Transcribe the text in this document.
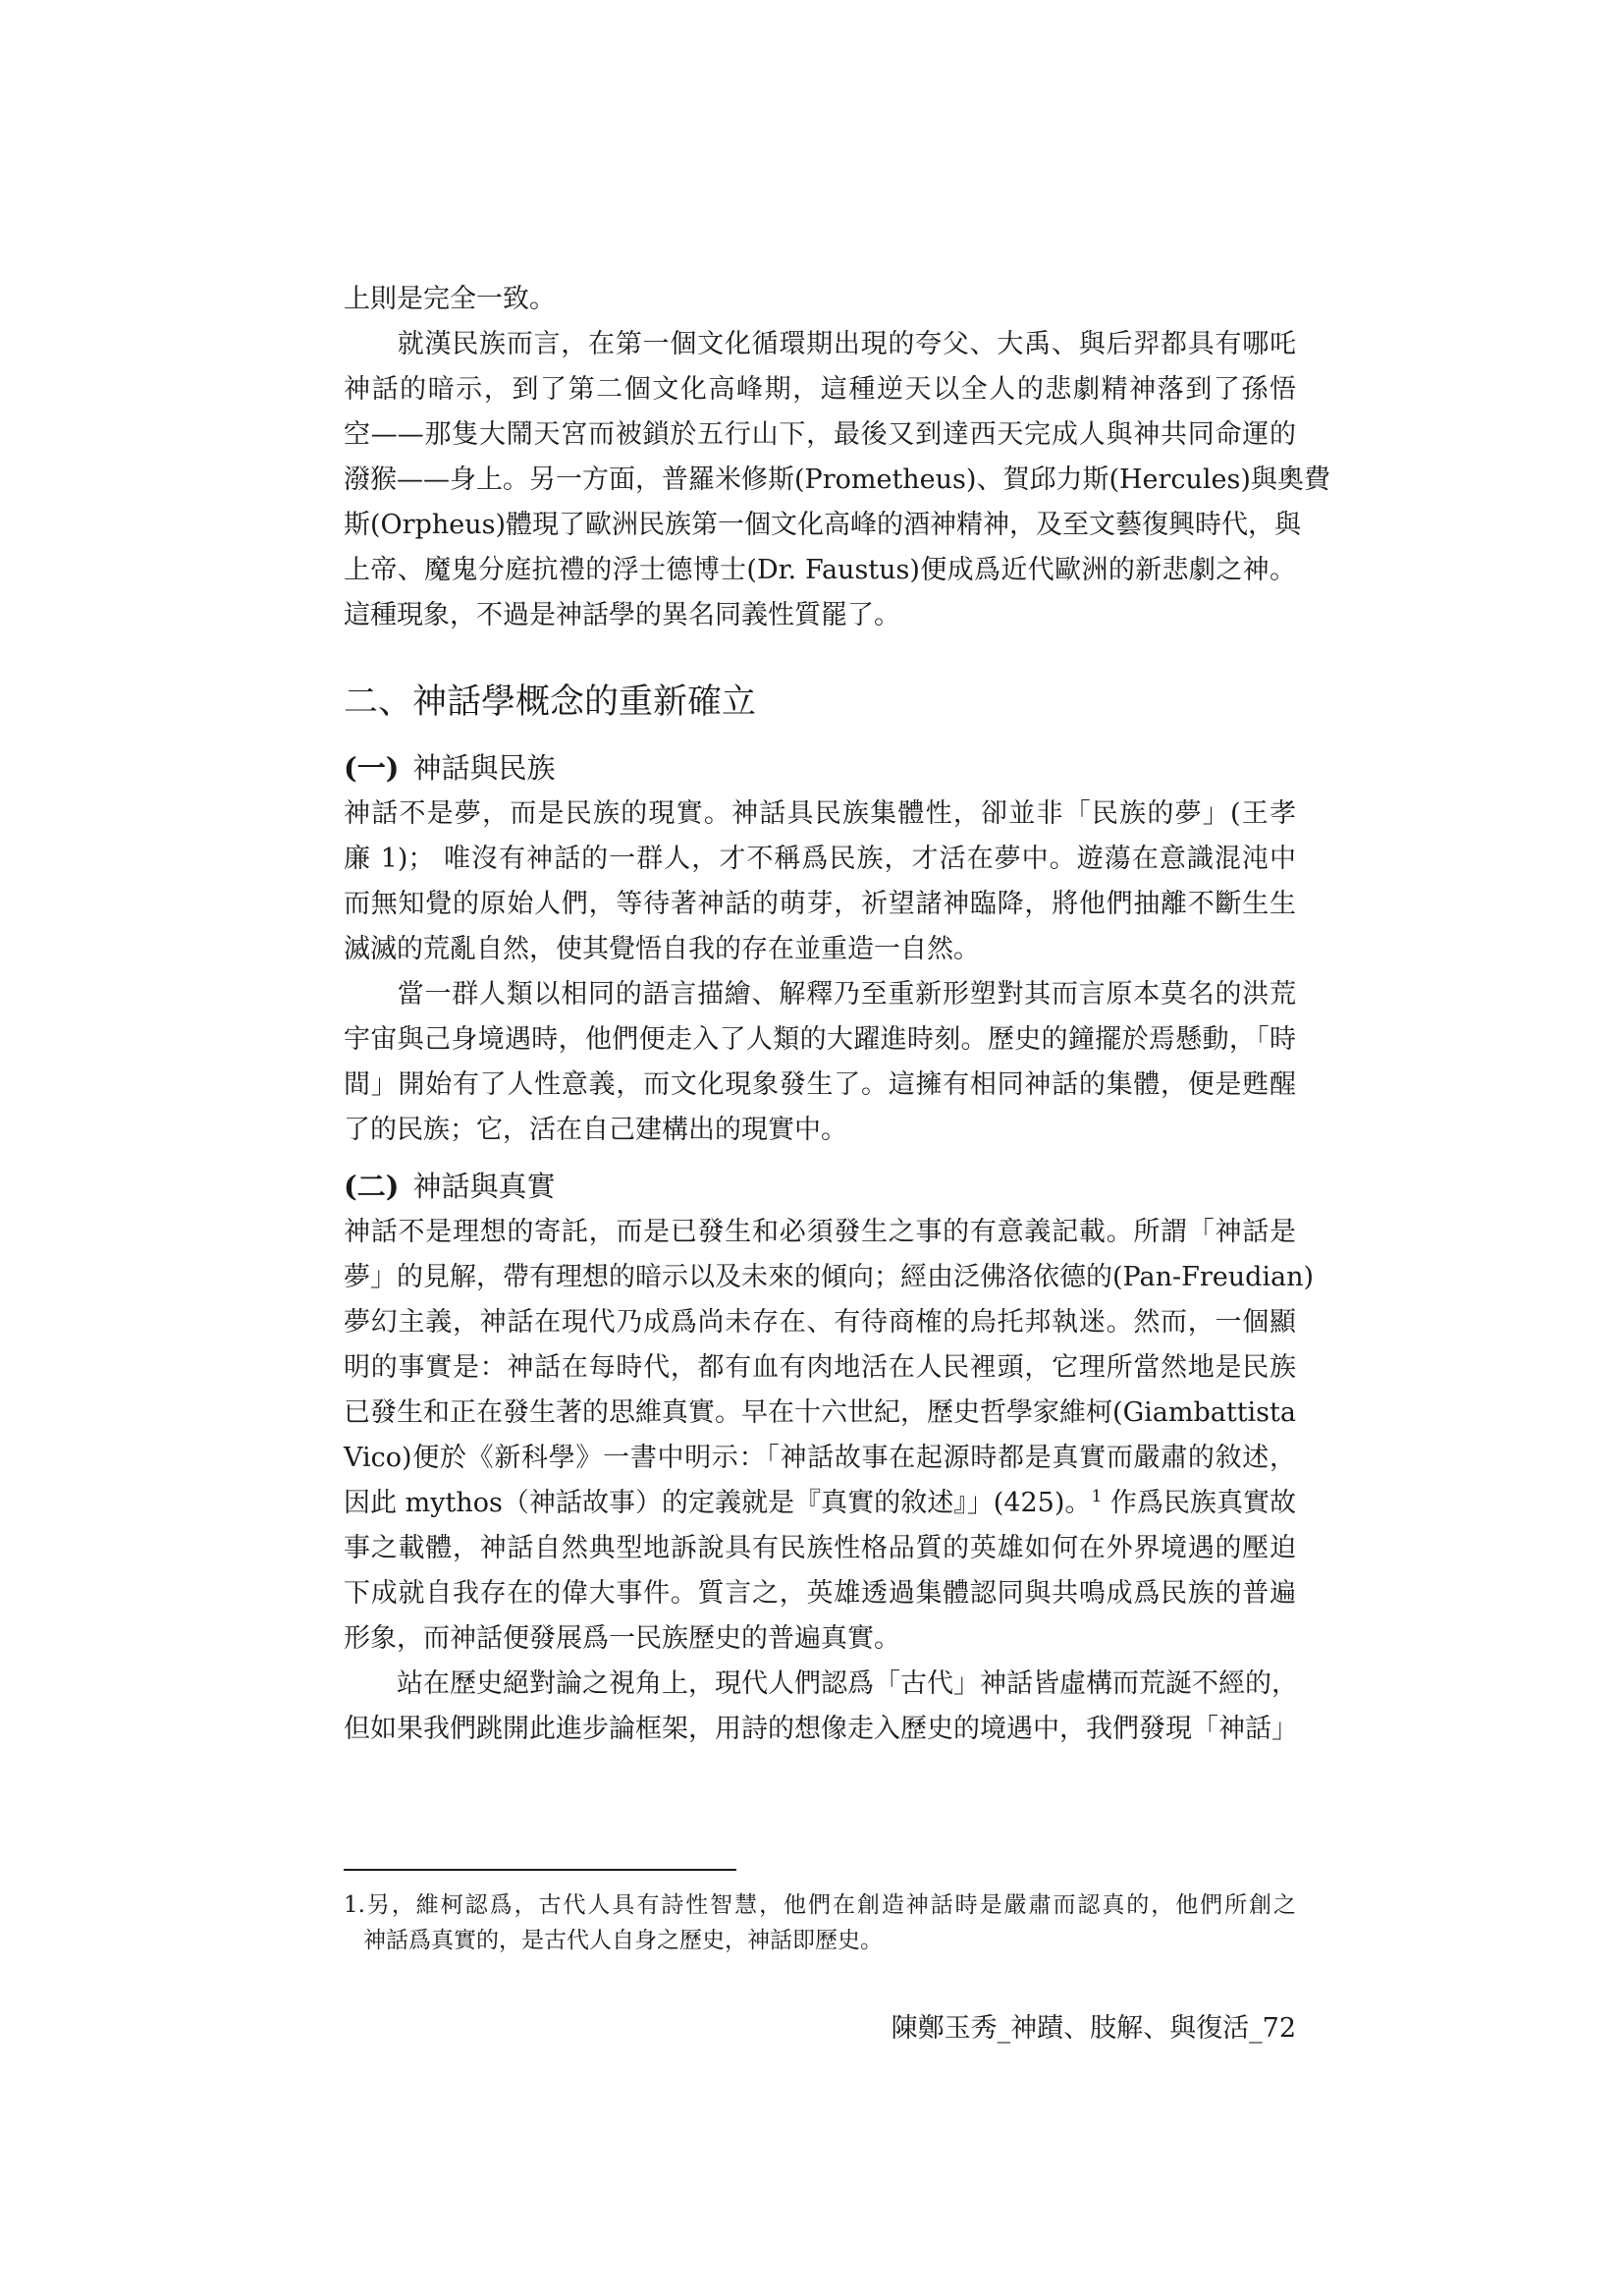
上則是完全一致。

就漢民族而言，在第一個文化循環期出現的夸父、大禹、與后羿都具有哪吒
神話的暗示，到了第二個文化高峰期，這種逆天以全人的悲劇精神落到了孫悟
空——那隻大鬧天宮而被鎖於五行山下，最後又到達西天完成人與神共同命運的
潑猴——身上。另一方面，普羅米修斯(Prometheus)、賀邱力斯(Hercules)與奧費
斯(Orpheus)體現了歐洲民族第一個文化高峰的酒神精神，及至文藝復興時代，與
上帝、魔鬼分庭抗禮的浮士德博士(Dr. Faustus)便成爲近代歐洲的新悲劇之神。
這種現象，不過是神話學的異名同義性質罷了。

二、神話學概念的重新確立
(一) 神話與民族

神話不是夢，而是民族的現實。神話具民族集體性，卻並非「民族的夢」(王孝
廉 1)； 唯沒有神話的一群人，才不稱爲民族，才活在夢中。遊蕩在意識混沌中
而無知覺的原始人們，等待著神話的萌芽，祈望諸神臨降，將他們抽離不斷生生
滅滅的荒亂自然，使其覺悟自我的存在並重造一自然。

當一群人類以相同的語言描繪、解釋乃至重新形塑對其而言原本莫名的洪荒
宇宙與己身境遇時，他們便走入了人類的大躍進時刻。歷史的鐘擺於焉懸動，「時
間」開始有了人性意義，而文化現象發生了。這擁有相同神話的集體，便是甦醒
了的民族；它，活在自己建構出的現實中。

(二) 神話與真實

神話不是理想的寄託，而是已發生和必須發生之事的有意義記載。所謂「神話是
夢」的見解，帶有理想的暗示以及未來的傾向；經由泛佛洛依德的(Pan-Freudian)
夢幻主義，神話在現代乃成爲尚未存在、有待商榷的烏托邦執迷。然而，一個顯
明的事實是：神話在每時代，都有血有肉地活在人民裡頭，它理所當然地是民族
已發生和正在發生著的思維真實。早在十六世紀，歷史哲學家維柯(Giambattista
Vico)便於《新科學》一書中明示：「神話故事在起源時都是真實而嚴肅的敘述，
因此 mythos（神話故事）的定義就是『真實的敘述』」(425)。$^1$ 作爲民族真實故
事之載體，神話自然典型地訴說具有民族性格品質的英雄如何在外界境遇的壓迫
下成就自我存在的偉大事件。質言之，英雄透過集體認同與共鳴成爲民族的普遍
形象，而神話便發展爲一民族歷史的普遍真實。

站在歷史絕對論之視角上，現代人們認爲「古代」神話皆虛構而荒誕不經的，
但如果我們跳開此進步論框架，用詩的想像走入歷史的境遇中，我們發現「神話」

1.另，維柯認爲，古代人具有詩性智慧，他們在創造神話時是嚴肅而認真的，他們所創之
神話爲真實的，是古代人自身之歷史，神話即歷史。

陳鄭玉秀_神蹟、肢解、與復活_72
